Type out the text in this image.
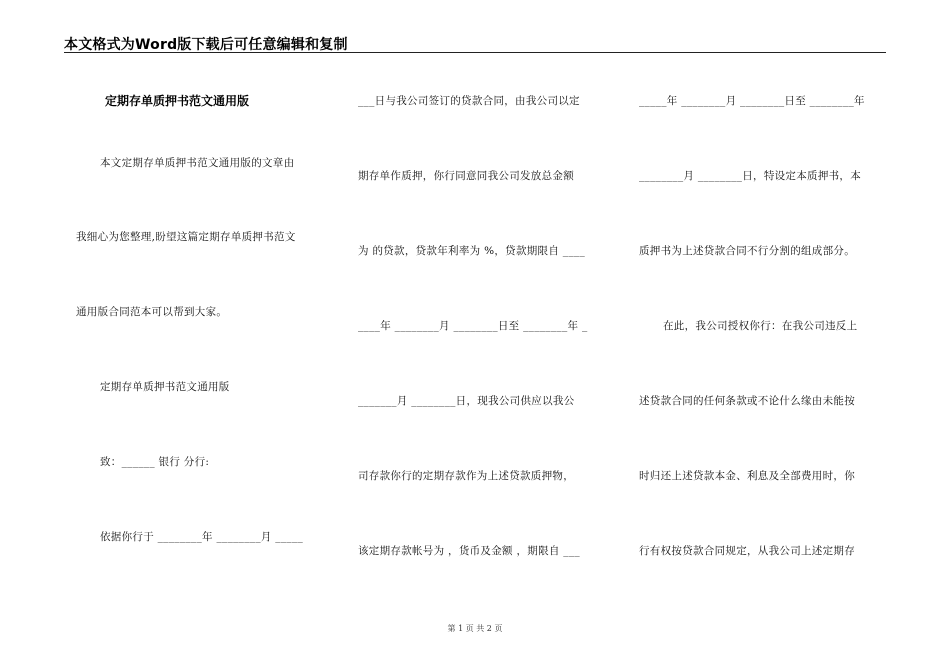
本文格式为Word版下载后可任意编辑和复制
定期存单质押书范文通用版
本文定期存单质押书范文通用版的文章由
我细心为您整理,盼望这篇定期存单质押书范文
通用版合同范本可以帮到大家。
定期存单质押书范文通用版
致：______ 银行 分行:
依据你行于 ________年 ________月 _____
___日与我公司签订的贷款合同，由我公司以定
期存单作质押，你行同意同我公司发放总金额
为 的贷款，贷款年利率为 %，贷款期限自 ____
____年 ________月 ________日至 ________年 _
_______月 ________日，现我公司供应以我公
司存款你行的定期存款作为上述贷款质押物，
该定期存款帐号为 ，货币及金额 ，期限自 ___
_____年 ________月 ________日至 ________年
________月 ________日，特设定本质押书，本
质押书为上述贷款合同不行分割的组成部分。
在此，我公司授权你行：在我公司违反上
述贷款合同的任何条款或不论什么缘由未能按
时归还上述贷款本金、利息及全部费用时，你
行有权按贷款合同规定，从我公司上述定期存
第 1 页 共 2 页
